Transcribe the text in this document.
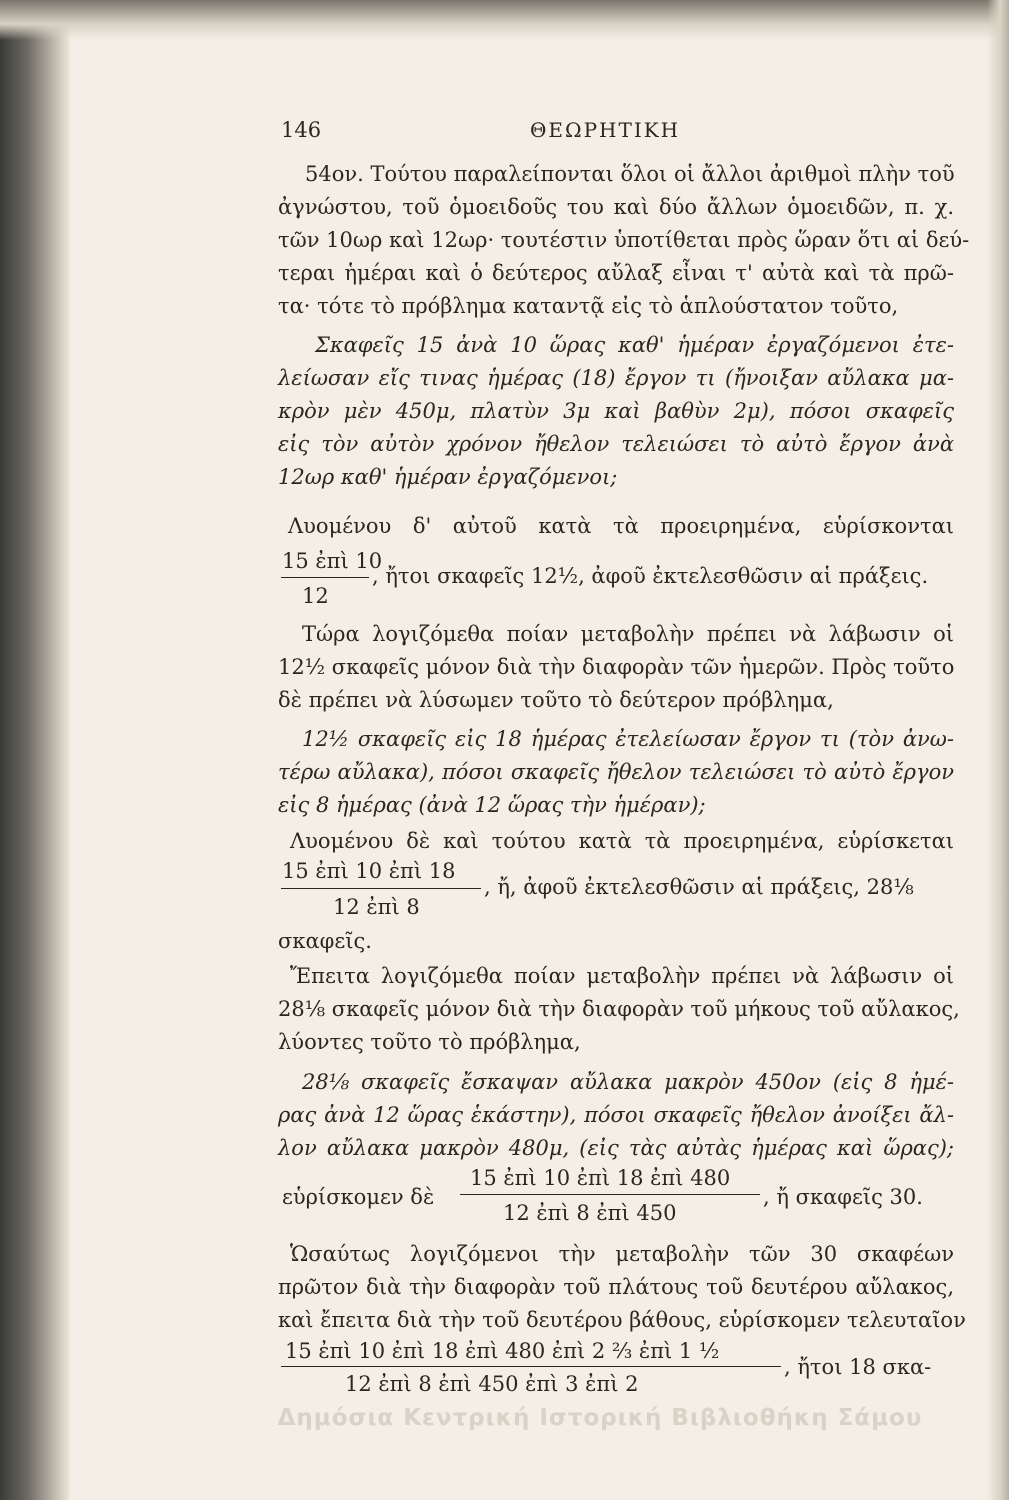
146	ΘΕΩΡΗΤΙΚΗ
54ον. Τούτου παραλείπονται ὅλοι οἱ ἄλλοι ἀριθμοὶ πλὴν τοῦ
ἀγνώστου, τοῦ ὁμοειδοῦς του καὶ δύο ἄλλων ὁμοειδῶν, π. χ.
τῶν 10ωρ καὶ 12ωρ· τουτέστιν ὑποτίθεται πρὸς ὥραν ὅτι αἱ δεύ-
τεραι ἡμέραι καὶ ὁ δεύτερος αὔλαξ εἶναι τ' αὐτὰ καὶ τὰ πρῶ-
τα· τότε τὸ πρόβλημα καταντᾷ εἰς τὸ ἁπλούστατον τοῦτο,
Σκαφεῖς 15 ἀνὰ 10 ὥρας καθ' ἡμέραν ἐργαζόμενοι ἐτε-
λείωσαν εἴς τινας ἡμέρας (18) ἔργον τι (ἤνοιξαν αὔλακα μα-
κρὸν μὲν 450μ, πλατὺν 3μ καὶ βαθὺν 2μ), πόσοι σκαφεῖς
εἰς τὸν αὐτὸν χρόνον ἤθελον τελειώσει τὸ αὐτὸ ἔργον ἀνὰ
12ωρ καθ' ἡμέραν ἐργαζόμενοι;
Λυομένου δ' αὐτοῦ κατὰ τὰ προειρημένα, εὑρίσκονται
15 ἐπὶ 10
12
, ἤτοι σκαφεῖς 12½, ἀφοῦ ἐκτελεσθῶσιν αἱ πράξεις.
Τώρα λογιζόμεθα ποίαν μεταβολὴν πρέπει νὰ λάβωσιν οἱ
12½ σκαφεῖς μόνον διὰ τὴν διαφορὰν τῶν ἡμερῶν. Πρὸς τοῦτο
δὲ πρέπει νὰ λύσωμεν τοῦτο τὸ δεύτερον πρόβλημα,
12½ σκαφεῖς εἰς 18 ἡμέρας ἐτελείωσαν ἔργον τι (τὸν ἀνω-
τέρω αὔλακα), πόσοι σκαφεῖς ἤθελον τελειώσει τὸ αὐτὸ ἔργον
εἰς 8 ἡμέρας (ἀνὰ 12 ὥρας τὴν ἡμέραν);
Λυομένου δὲ καὶ τούτου κατὰ τὰ προειρημένα, εὑρίσκεται
15 ἐπὶ 10 ἐπὶ 18
12 ἐπὶ 8
, ἤ, ἀφοῦ ἐκτελεσθῶσιν αἱ πράξεις, 28⅛
σκαφεῖς.
Ἔπειτα λογιζόμεθα ποίαν μεταβολὴν πρέπει νὰ λάβωσιν οἱ
28⅛ σκαφεῖς μόνον διὰ τὴν διαφορὰν τοῦ μήκους τοῦ αὔλακος,
λύοντες τοῦτο τὸ πρόβλημα,
28⅛ σκαφεῖς ἔσκαψαν αὔλακα μακρὸν 450ον (εἰς 8 ἡμέ-
ρας ἀνὰ 12 ὥρας ἑκάστην), πόσοι σκαφεῖς ἤθελον ἀνοίξει ἄλ-
λον αὔλακα μακρὸν 480μ, (εἰς τὰς αὐτὰς ἡμέρας καὶ ὥρας);
εὑρίσκομεν δὲ
15 ἐπὶ 10 ἐπὶ 18 ἐπὶ 480
12 ἐπὶ 8 ἐπὶ 450
, ἤ σκαφεῖς 30.
Ὡσαύτως λογιζόμενοι τὴν μεταβολὴν τῶν 30 σκαφέων
πρῶτον διὰ τὴν διαφορὰν τοῦ πλάτους τοῦ δευτέρου αὔλακος,
καὶ ἔπειτα διὰ τὴν τοῦ δευτέρου βάθους, εὑρίσκομεν τελευταῖον
15 ἐπὶ 10 ἐπὶ 18 ἐπὶ 480 ἐπὶ 2 ²⁄₃ ἐπὶ 1 ½
12 ἐπὶ 8 ἐπὶ 450 ἐπὶ 3 ἐπὶ 2
, ἤτοι 18 σκα-
Δημόσια Κεντρική Ιστορική Βιβλιοθήκη Σάμου
